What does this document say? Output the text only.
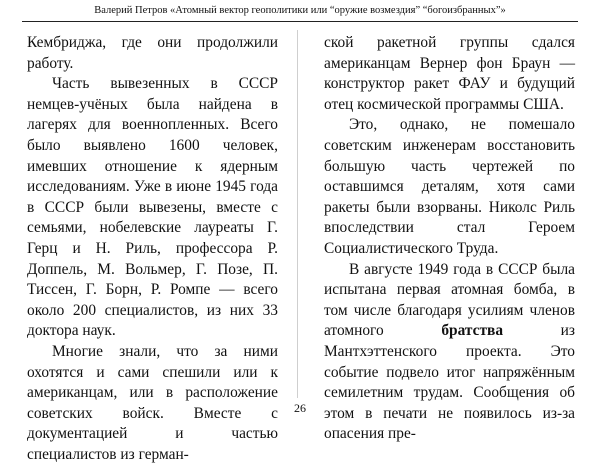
Валерий Петров «Атомный вектор геополитики или “оружие возмездия” “богоизбранных”»

Кембриджа, где они продолжили работу.

Часть вывезенных в СССР немцев-учёных была найдена в лагерях для военнопленных. Всего было выявлено 1600 человек, имевших отношение к ядерным исследованиям. Уже в июне 1945 года в СССР были вывезены, вместе с семьями, нобелевские лауреаты Г. Герц и Н. Риль, профессора Р. Доппель, М. Вольмер, Г. Позе, П. Тиссен, Г. Борн, Р. Ромпе — всего около 200 специалистов, из них 33 доктора наук.

Многие знали, что за ними охотятся и сами спешили или к американцам, или в расположение советских войск. Вместе с документацией и частью специалистов из герман-

ской ракетной группы сдался американцам Вернер фон Браун — конструктор ракет ФАУ и будущий отец космической программы США.

Это, однако, не помешало советским инженерам восстановить большую часть чертежей по оставшимся деталям, хотя сами ракеты были взорваны. Николс Риль впоследствии стал Героем Социалистического Труда.

В августе 1949 года в СССР была испытана первая атомная бомба, в том числе благодаря усилиям членов атомного братства из Мантхэттенского проекта. Это событие подвело итог напряжённым семилетним трудам. Сообщения об этом в печати не появилось из-за опасения пре-

26
